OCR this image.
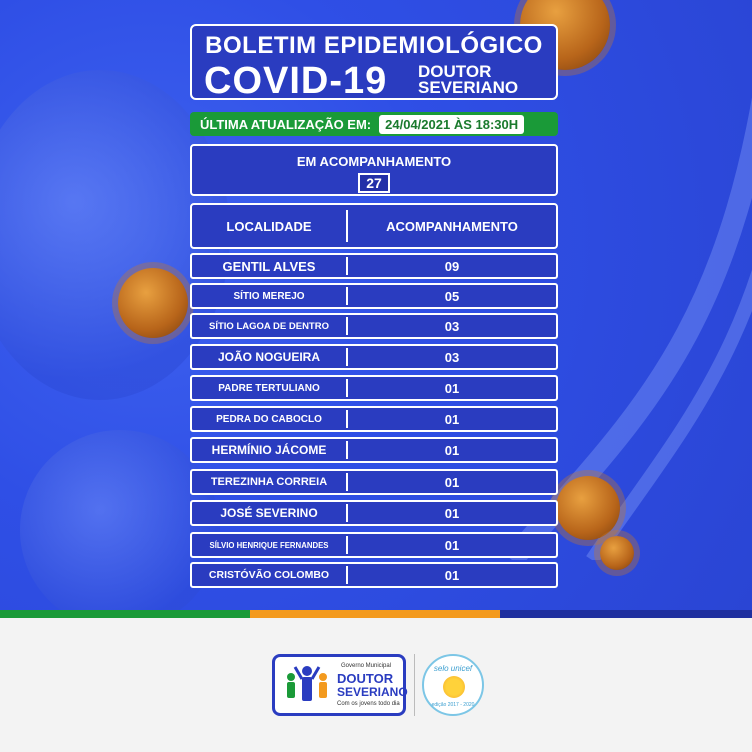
BOLETIM EPIDEMIOLÓGICO
COVID-19 DOUTOR
SEVERIANO
ÚLTIMA ATUALIZAÇÃO EM:	24/04/2021 ÀS 18:30H
EM ACOMPANHAMENTO
27
LOCALIDADE	ACOMPANHAMENTO
GENTIL ALVES	09
SÍTIO MEREJO	05
SÍTIO LAGOA DE DENTRO	03
JOÃO NOGUEIRA	03
PADRE TERTULIANO	01
PEDRA DO CABOCLO	01
HERMÍNIO JÁCOME	01
TEREZINHA CORREIA	01
JOSÉ SEVERINO	01
SÍLVIO HENRIQUE FERNANDES	01
CRISTÓVÃO COLOMBO	01
Governo Municipal
DOUTOR
SEVERIANO
Com os jovens todo dia
selo unicef
edição 2017 - 2020
